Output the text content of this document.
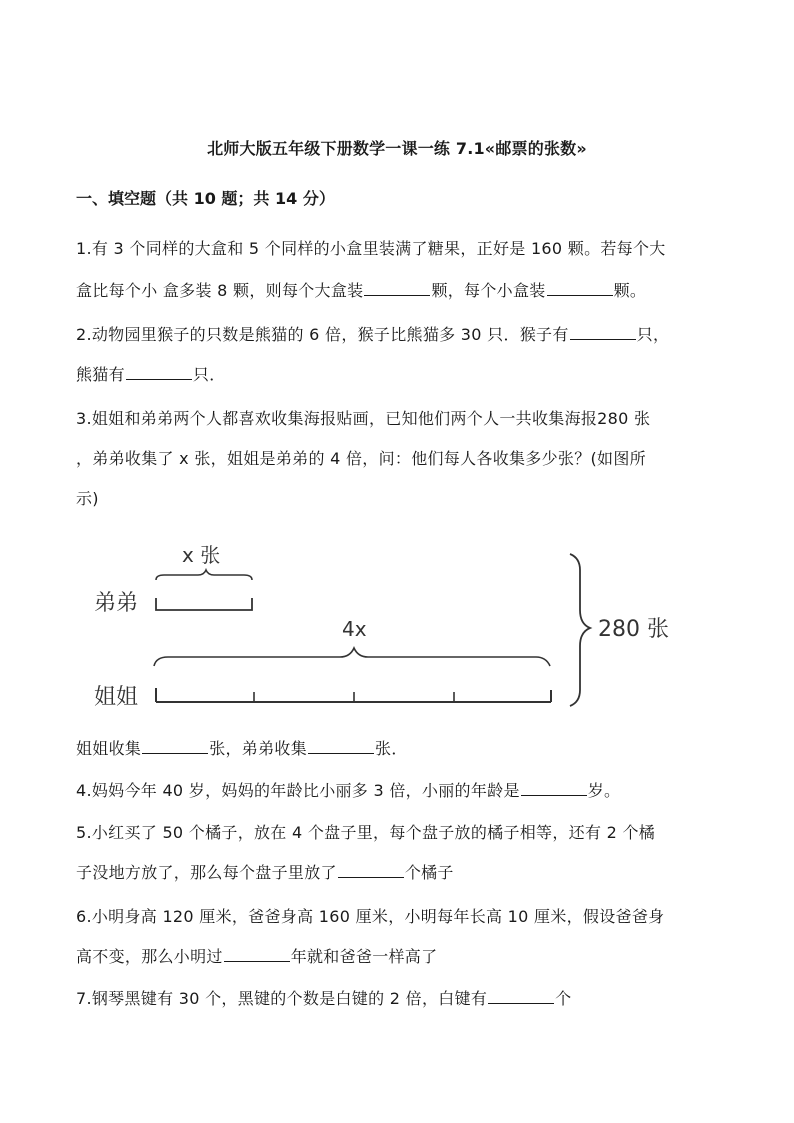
北师大版五年级下册数学一课一练 7.1«邮票的张数»
一、填空题（共 10 题；共 14 分）
1.有 3 个同样的大盒和 5 个同样的小盒里装满了糖果，正好是 160 颗。若每个大
盒比每个小 盒多装 8 颗，则每个大盒装	颗，每个小盒装	颗。
2.动物园里猴子的只数是熊猫的 6 倍，猴子比熊猫多 30 只．猴子有	只，
熊猫有	只．
3.姐姐和弟弟两个人都喜欢收集海报贴画，已知他们两个人一共收集海报280 张
，弟弟收集了 x 张，姐姐是弟弟的 4 倍，问：他们每人各收集多少张？(如图所
示)
x 张
弟弟
4x
姐姐
280 张
姐姐收集	张，弟弟收集	张．
4.妈妈今年 40 岁，妈妈的年龄比小丽多 3 倍，小丽的年龄是	岁。
5.小红买了 50 个橘子，放在 4 个盘子里，每个盘子放的橘子相等，还有 2 个橘
子没地方放了，那么每个盘子里放了	个橘子
6.小明身高 120 厘米，爸爸身高 160 厘米，小明每年长高 10 厘米，假设爸爸身
高不变，那么小明过	年就和爸爸一样高了
7.钢琴黑键有 30 个，黑键的个数是白键的 2 倍，白键有	个
